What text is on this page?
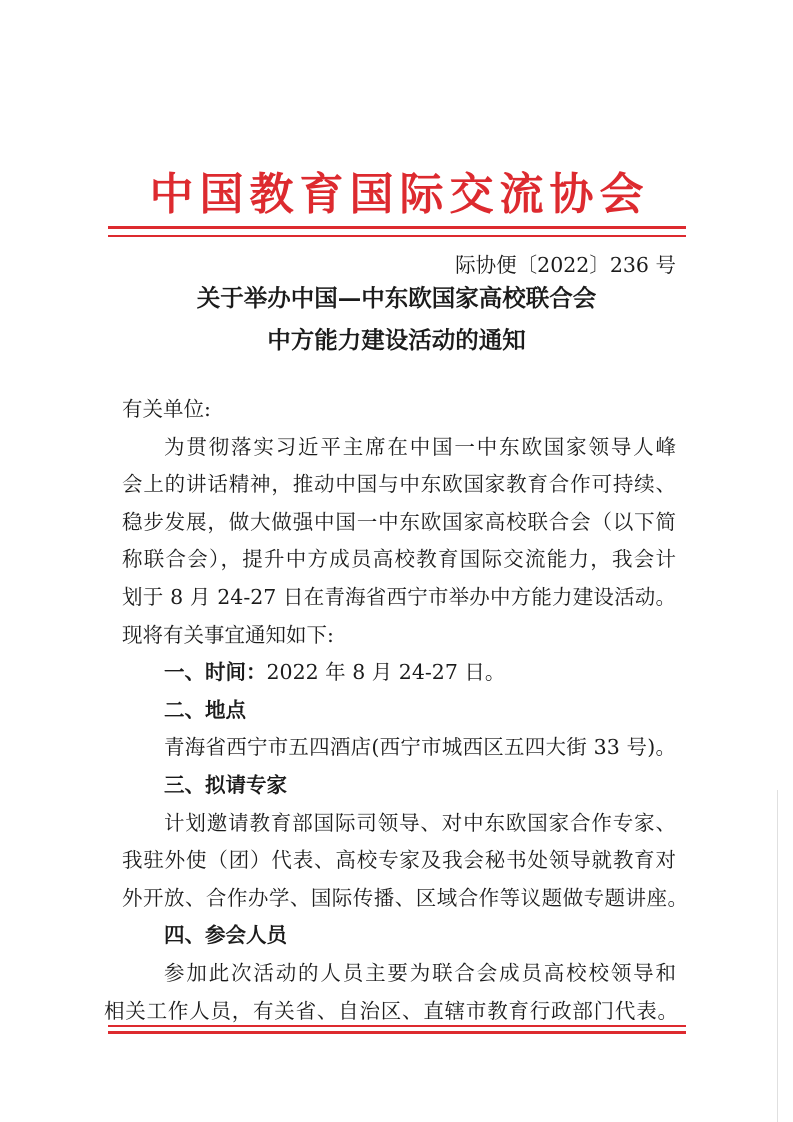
中国教育国际交流协会
际协便〔2022〕236 号
关于举办中国—中东欧国家高校联合会
中方能力建设活动的通知
有关单位:
为贯彻落实习近平主席在中国一中东欧国家领导人峰
会上的讲话精神，推动中国与中东欧国家教育合作可持续、
稳步发展，做大做强中国一中东欧国家高校联合会（以下简
称联合会），提升中方成员高校教育国际交流能力，我会计
划于 8 月 24-27 日在青海省西宁市举办中方能力建设活动。
现将有关事宜通知如下:
一、时间：2022 年 8 月 24-27 日。
二、地点
青海省西宁市五四酒店(西宁市城西区五四大街 33 号)。
三、拟请专家
计划邀请教育部国际司领导、对中东欧国家合作专家、
我驻外使（团）代表、高校专家及我会秘书处领导就教育对
外开放、合作办学、国际传播、区域合作等议题做专题讲座。
四、参会人员
参加此次活动的人员主要为联合会成员高校校领导和
相关工作人员，有关省、自治区、直辖市教育行政部门代表。
